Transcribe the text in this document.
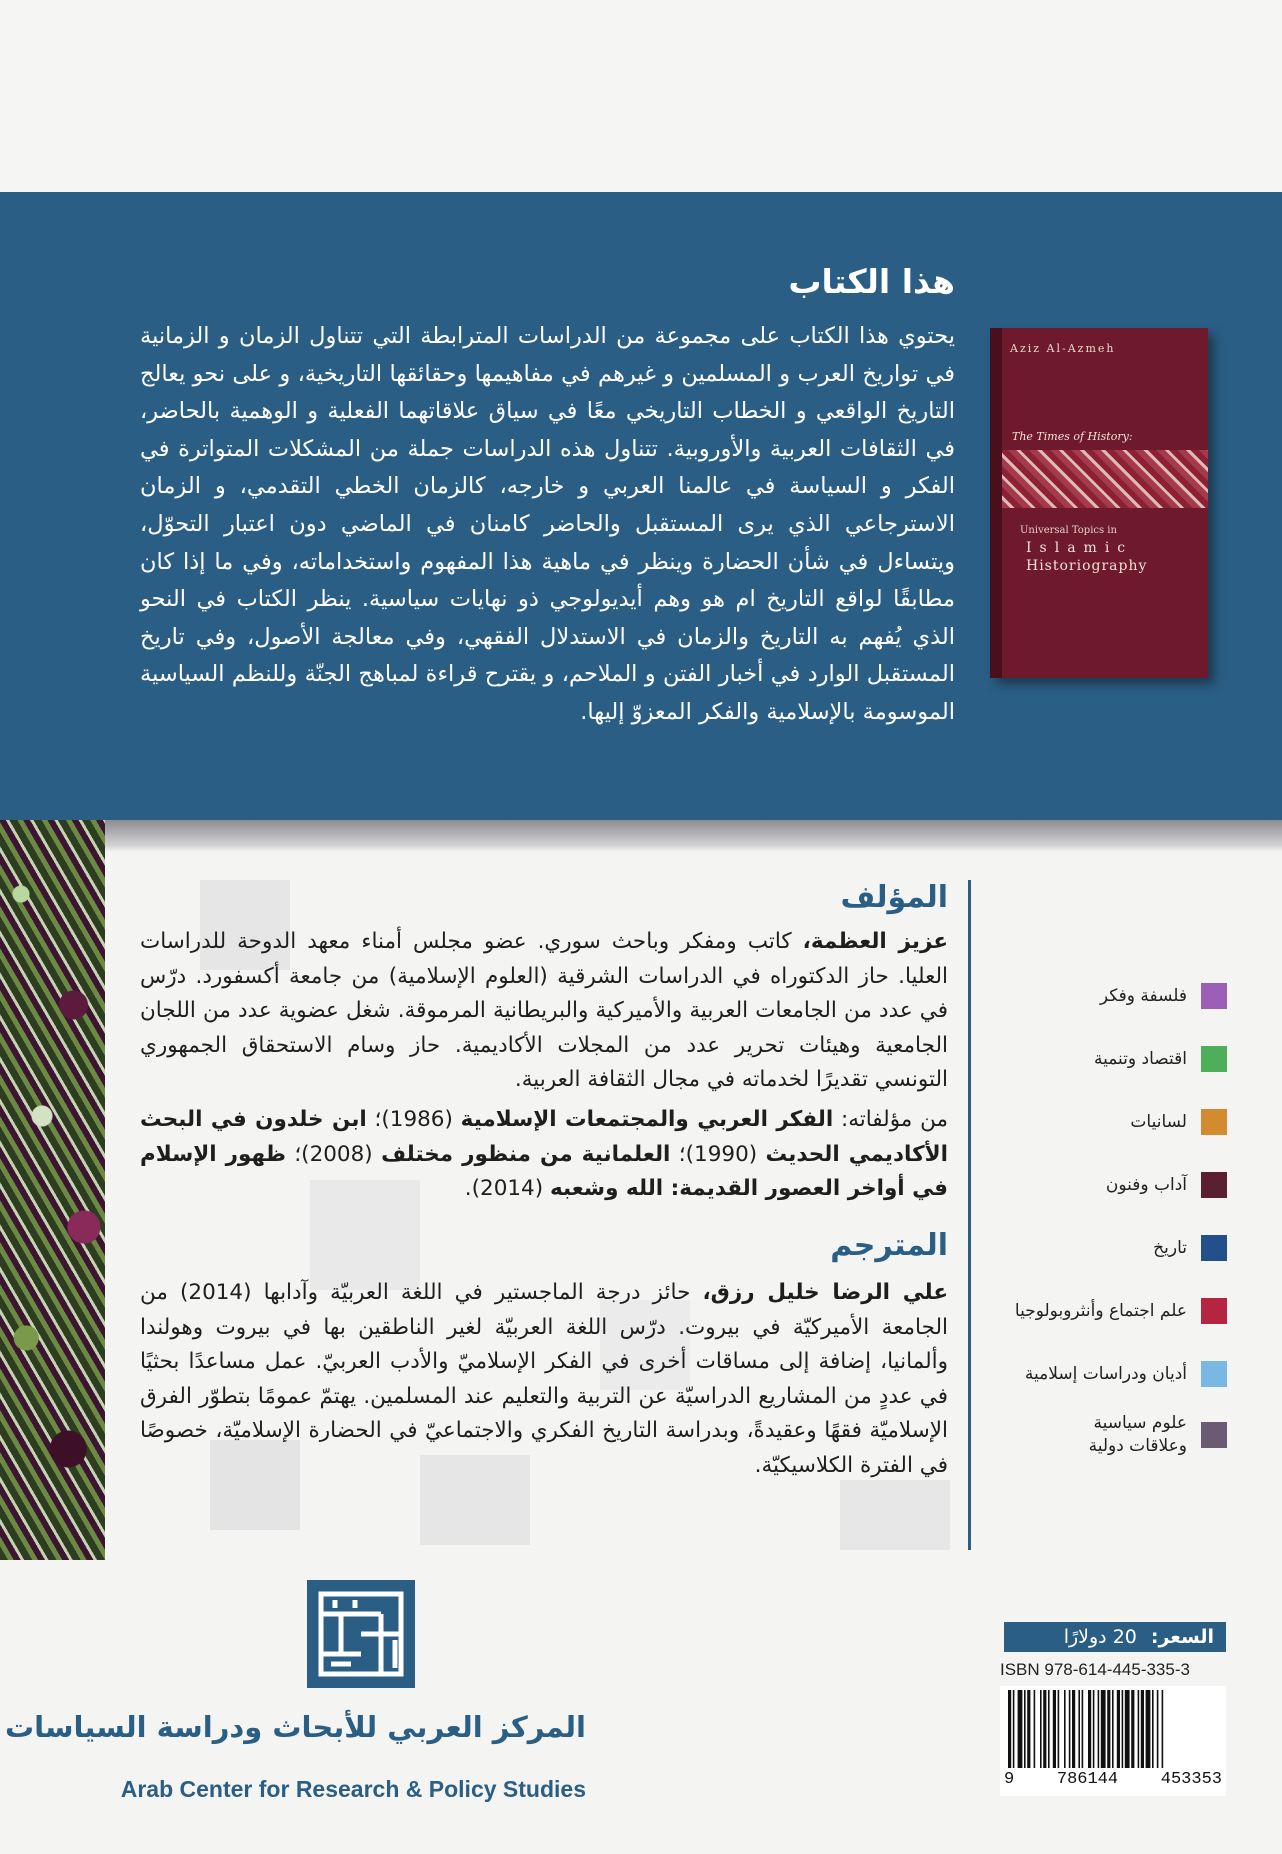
هذا الكتاب
يحتوي هذا الكتاب على مجموعة من الدراسات المترابطة التي تتناول الزمان و الزمانية في تواريخ العرب و المسلمين و غيرهم في مفاهيمها وحقائقها التاريخية، و على نحو يعالج التاريخ الواقعي و الخطاب التاريخي معًا في سياق علاقاتهما الفعلية و الوهمية بالحاضر، في الثقافات العربية والأوروبية. تتناول هذه الدراسات جملة من المشكلات المتواترة في الفكر و السياسة في عالمنا العربي و خارجه، كالزمان الخطي التقدمي، و الزمان الاسترجاعي الذي يرى المستقبل والحاضر كامنان في الماضي دون اعتبار التحوّل، ويتساءل في شأن الحضارة وينظر في ماهية هذا المفهوم واستخداماته، وفي ما إذا كان مطابقًا لواقع التاريخ ام هو وهم أيديولوجي ذو نهايات سياسية. ينظر الكتاب في النحو الذي يُفهم به التاريخ والزمان في الاستدلال الفقهي، وفي معالجة الأصول، وفي تاريخ المستقبل الوارد في أخبار الفتن و الملاحم، و يقترح قراءة لمباهج الجنّة وللنظم السياسية الموسومة بالإسلامية والفكر المعزوّ إليها.
Aziz Al-Azmeh
The Times of History:
Universal Topics in
Islamic
Historiography
المؤلف
عزيز العظمة، كاتب ومفكر وباحث سوري. عضو مجلس أمناء معهد الدوحة للدراسات العليا. حاز الدكتوراه في الدراسات الشرقية (العلوم الإسلامية) من جامعة أكسفورد. درّس في عدد من الجامعات العربية والأميركية والبريطانية المرموقة. شغل عضوية عدد من اللجان الجامعية وهيئات تحرير عدد من المجلات الأكاديمية. حاز وسام الاستحقاق الجمهوري التونسي تقديرًا لخدماته في مجال الثقافة العربية.
من مؤلفاته: الفكر العربي والمجتمعات الإسلامية (1986)؛ ابن خلدون في البحث الأكاديمي الحديث (1990)؛ العلمانية من منظور مختلف (2008)؛ ظهور الإسلام في أواخر العصور القديمة: الله وشعبه (2014).
المترجم
علي الرضا خليل رزق، حائز درجة الماجستير في اللغة العربيّة وآدابها (2014) من الجامعة الأميركيّة في بيروت. درّس اللغة العربيّة لغير الناطقين بها في بيروت وهولندا وألمانيا، إضافة إلى مساقات أخرى في الفكر الإسلاميّ والأدب العربيّ. عمل مساعدًا بحثيًا في عددٍ من المشاريع الدراسيّة عن التربية والتعليم عند المسلمين. يهتمّ عمومًا بتطوّر الفرق الإسلاميّة فقهًا وعقيدةً، وبدراسة التاريخ الفكري والاجتماعيّ في الحضارة الإسلاميّة، خصوصًا في الفترة الكلاسيكيّة.
فلسفة وفكر
اقتصاد وتنمية
لسانيات
آداب وفنون
تاريخ
علم اجتماع وأنثروبولوجيا
أديان ودراسات إسلامية
علوم سياسية وعلاقات دولية
السعر:
20 دولارًا
ISBN 978-614-445-335-3
9	786144	453353
المركز العربي للأبحاث ودراسة السياسات
Arab Center for Research & Policy Studies
